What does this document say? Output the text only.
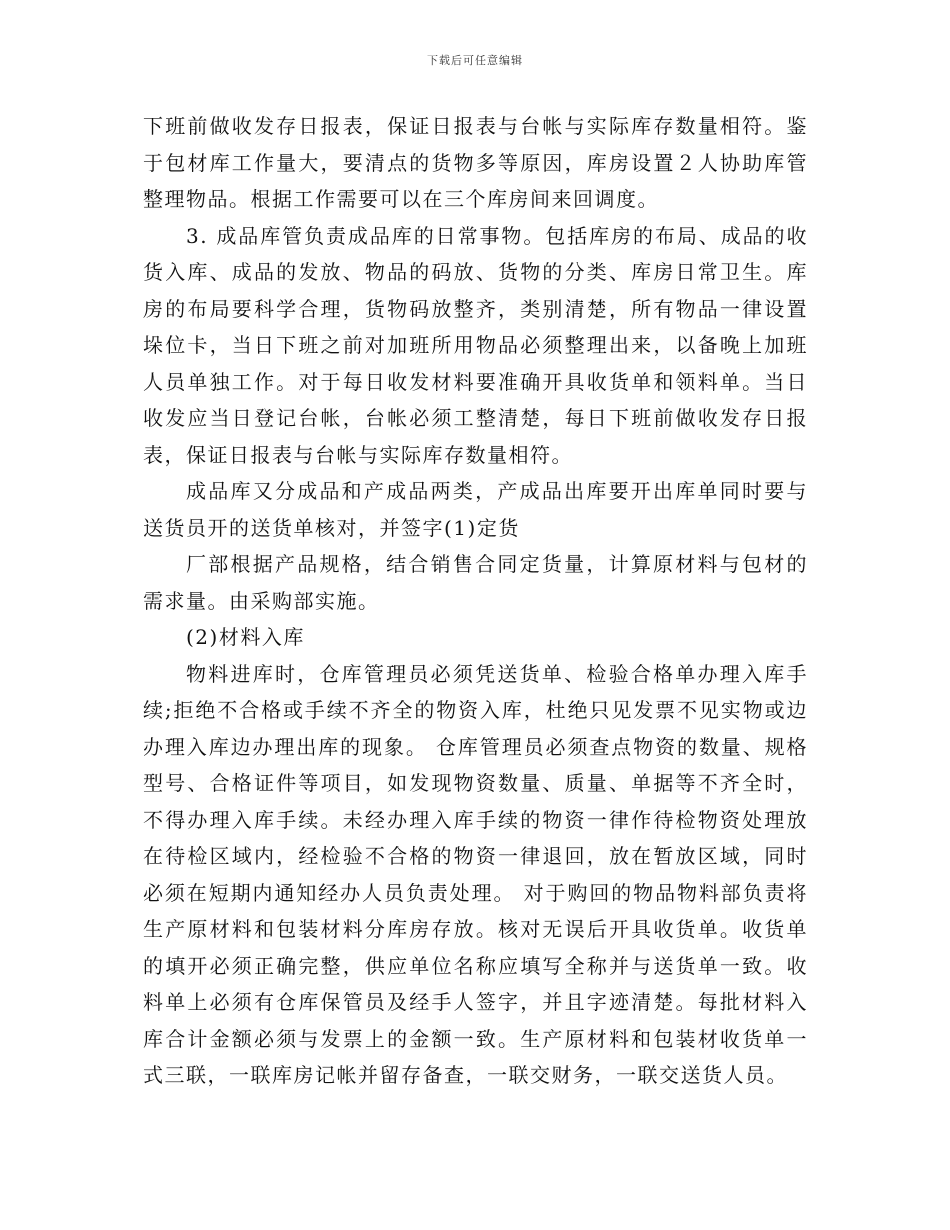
下载后可任意编辑

下班前做收发存日报表，保证日报表与台帐与实际库存数量相符。鉴于包材库工作量大，要清点的货物多等原因，库房设置２人协助库管整理物品。根据工作需要可以在三个库房间来回调度。

3. 成品库管负责成品库的日常事物。包括库房的布局、成品的收货入库、成品的发放、物品的码放、货物的分类、库房日常卫生。库房的布局要科学合理，货物码放整齐，类别清楚，所有物品一律设置垛位卡，当日下班之前对加班所用物品必须整理出来，以备晚上加班人员单独工作。对于每日收发材料要准确开具收货单和领料单。当日收发应当日登记台帐，台帐必须工整清楚，每日下班前做收发存日报表，保证日报表与台帐与实际库存数量相符。

成品库又分成品和产成品两类，产成品出库要开出库单同时要与送货员开的送货单核对，并签字(1)定货

厂部根据产品规格，结合销售合同定货量，计算原材料与包材的需求量。由采购部实施。

(2)材料入库

物料进库时，仓库管理员必须凭送货单、检验合格单办理入库手续;拒绝不合格或手续不齐全的物资入库，杜绝只见发票不见实物或边办理入库边办理出库的现象。 仓库管理员必须查点物资的数量、规格型号、合格证件等项目，如发现物资数量、质量、单据等不齐全时，不得办理入库手续。未经办理入库手续的物资一律作待检物资处理放在待检区域内，经检验不合格的物资一律退回，放在暂放区域，同时必须在短期内通知经办人员负责处理。 对于购回的物品物料部负责将生产原材料和包装材料分库房存放。核对无误后开具收货单。收货单的填开必须正确完整，供应单位名称应填写全称并与送货单一致。收料单上必须有仓库保管员及经手人签字，并且字迹清楚。每批材料入库合计金额必须与发票上的金额一致。生产原材料和包装材收货单一式三联，一联库房记帐并留存备查，一联交财务，一联交送货人员。
